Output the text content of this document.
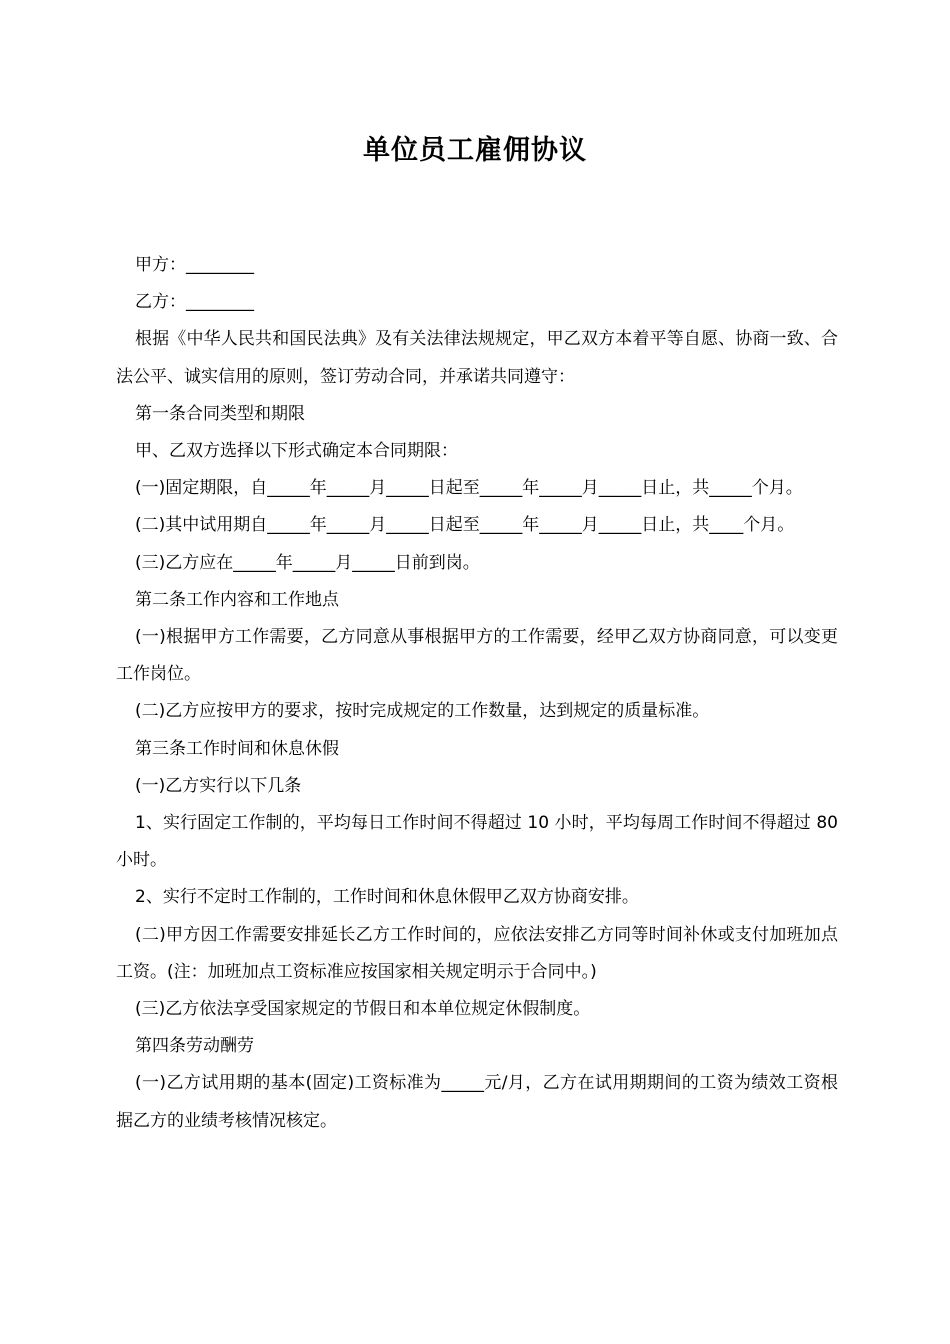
单位员工雇佣协议

甲方：________

乙方：________

根据《中华人民共和国民法典》及有关法律法规规定，甲乙双方本着平等自愿、协商一致、合法公平、诚实信用的原则，签订劳动合同，并承诺共同遵守：

第一条合同类型和期限

甲、乙双方选择以下形式确定本合同期限：

(一)固定期限，自_____年_____月_____日起至_____年_____月_____日止，共_____个月。

(二)其中试用期自_____年_____月_____日起至_____年_____月_____日止，共____个月。

(三)乙方应在_____年_____月_____日前到岗。

第二条工作内容和工作地点

(一)根据甲方工作需要，乙方同意从事根据甲方的工作需要，经甲乙双方协商同意，可以变更工作岗位。

(二)乙方应按甲方的要求，按时完成规定的工作数量，达到规定的质量标准。

第三条工作时间和休息休假

(一)乙方实行以下几条

1、实行固定工作制的，平均每日工作时间不得超过 10 小时，平均每周工作时间不得超过 80 小时。

2、实行不定时工作制的，工作时间和休息休假甲乙双方协商安排。

(二)甲方因工作需要安排延长乙方工作时间的，应依法安排乙方同等时间补休或支付加班加点工资。(注：加班加点工资标准应按国家相关规定明示于合同中。)

(三)乙方依法享受国家规定的节假日和本单位规定休假制度。

第四条劳动酬劳

(一)乙方试用期的基本(固定)工资标准为_____元/月，乙方在试用期期间的工资为绩效工资根据乙方的业绩考核情况核定。
